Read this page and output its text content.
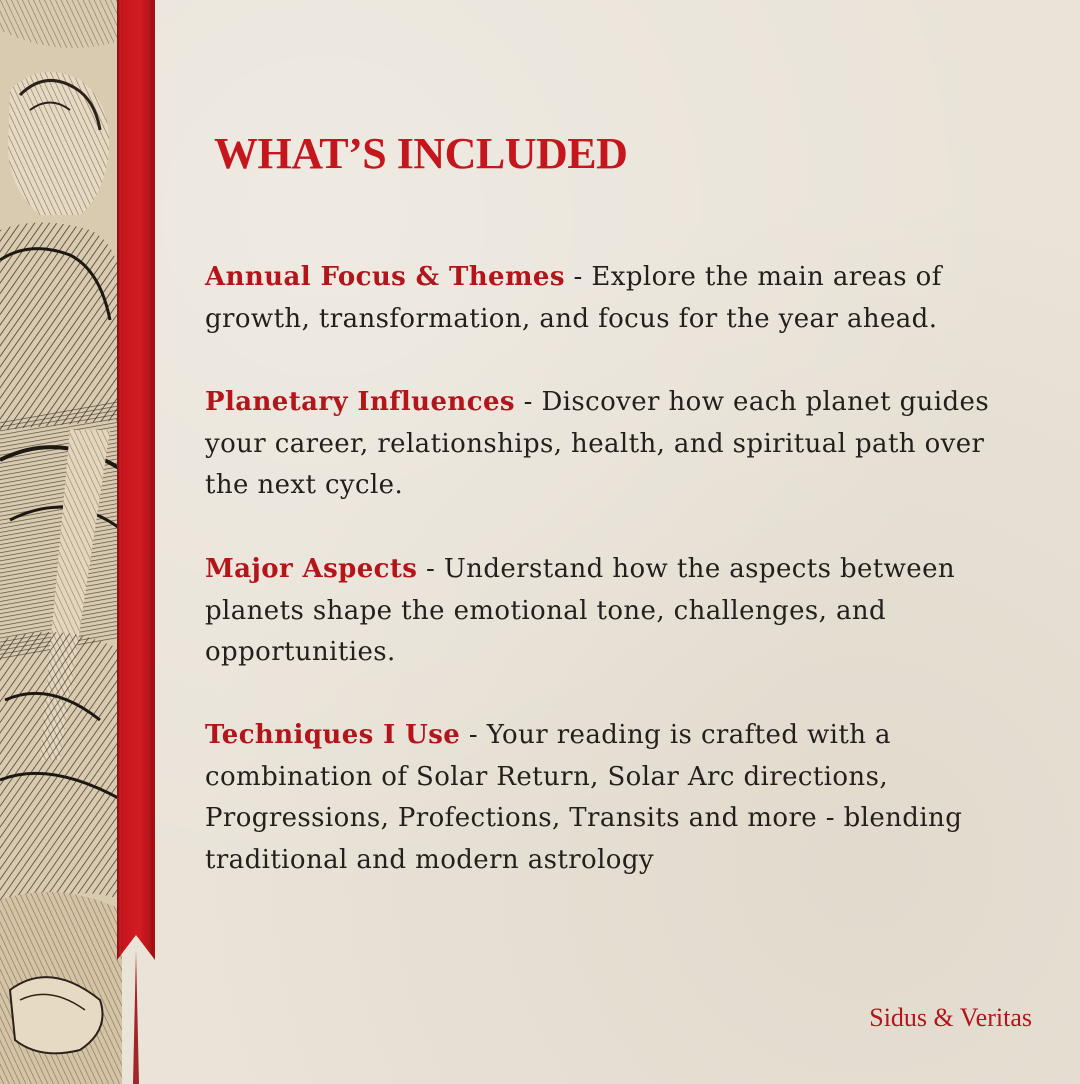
WHAT’S INCLUDED

Annual Focus & Themes - Explore the main areas of growth, transformation, and focus for the year ahead.

Planetary Influences - Discover how each planet guides your career, relationships, health, and spiritual path over the next cycle.

Major Aspects - Understand how the aspects between planets shape the emotional tone, challenges, and opportunities.

Techniques I Use - Your reading is crafted with a combination of Solar Return, Solar Arc directions, Progressions, Profections, Transits and more - blending traditional and modern astrology

Sidus & Veritas
